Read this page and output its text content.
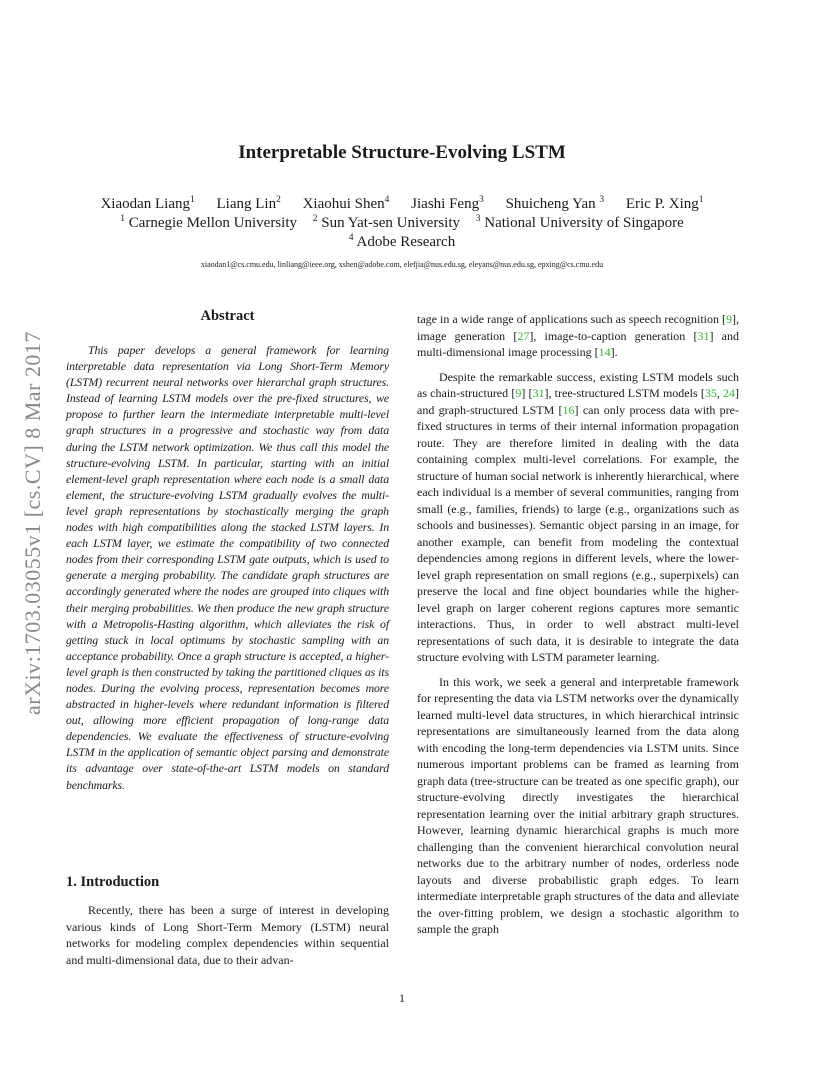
arXiv:1703.03055v1 [cs.CV] 8 Mar 2017
Interpretable Structure-Evolving LSTM
Xiaodan Liang$^1$ Liang Lin$^2$ Xiaohui Shen$^4$ Jiashi Feng$^3$ Shuicheng Yan $^3$ Eric P. Xing$^1$
$^1$ Carnegie Mellon University $^2$ Sun Yat-sen University $^3$ National University of Singapore
$^4$ Adobe Research
xiaodan1@cs.cmu.edu, linliang@ieee.org, xshen@adobe.com, elefjia@nus.edu.sg, eleyans@nus.edu.sg, epxing@cs.cmu.edu
Abstract
This paper develops a general framework for learning interpretable data representation via Long Short-Term Memory (LSTM) recurrent neural networks over hierarchal graph structures. Instead of learning LSTM models over the pre-fixed structures, we propose to further learn the intermediate interpretable multi-level graph structures in a progressive and stochastic way from data during the LSTM network optimization. We thus call this model the structure-evolving LSTM. In particular, starting with an initial element-level graph representation where each node is a small data element, the structure-evolving LSTM gradually evolves the multi-level graph representations by stochastically merging the graph nodes with high compatibilities along the stacked LSTM layers. In each LSTM layer, we estimate the compatibility of two connected nodes from their corresponding LSTM gate outputs, which is used to generate a merging probability. The candidate graph structures are accordingly generated where the nodes are grouped into cliques with their merging probabilities. We then produce the new graph structure with a Metropolis-Hasting algorithm, which alleviates the risk of getting stuck in local optimums by stochastic sampling with an acceptance probability. Once a graph structure is accepted, a higher-level graph is then constructed by taking the partitioned cliques as its nodes. During the evolving process, representation becomes more abstracted in higher-levels where redundant information is filtered out, allowing more efficient propagation of long-range data dependencies. We evaluate the effectiveness of structure-evolving LSTM in the application of semantic object parsing and demonstrate its advantage over state-of-the-art LSTM models on standard benchmarks.
1. Introduction
Recently, there has been a surge of interest in developing various kinds of Long Short-Term Memory (LSTM) neural networks for modeling complex dependencies within sequential and multi-dimensional data, due to their advan-

tage in a wide range of applications such as speech recognition [9], image generation [27], image-to-caption generation [31] and multi-dimensional image processing [14].

Despite the remarkable success, existing LSTM models such as chain-structured [9] [31], tree-structured LSTM models [35, 24] and graph-structured LSTM [16] can only process data with pre-fixed structures in terms of their internal information propagation route. They are therefore limited in dealing with the data containing complex multi-level correlations. For example, the structure of human social network is inherently hierarchical, where each individual is a member of several communities, ranging from small (e.g., families, friends) to large (e.g., organizations such as schools and businesses). Semantic object parsing in an image, for another example, can benefit from modeling the contextual dependencies among regions in different levels, where the lower-level graph representation on small regions (e.g., superpixels) can preserve the local and fine object boundaries while the higher-level graph on larger coherent regions captures more semantic interactions. Thus, in order to well abstract multi-level representations of such data, it is desirable to integrate the data structure evolving with LSTM parameter learning.

In this work, we seek a general and interpretable framework for representing the data via LSTM networks over the dynamically learned multi-level data structures, in which hierarchical intrinsic representations are simultaneously learned from the data along with encoding the long-term dependencies via LSTM units. Since numerous important problems can be framed as learning from graph data (tree-structure can be treated as one specific graph), our structure-evolving directly investigates the hierarchical representation learning over the initial arbitrary graph structures. However, learning dynamic hierarchical graphs is much more challenging than the convenient hierarchical convolution neural networks due to the arbitrary number of nodes, orderless node layouts and diverse probabilistic graph edges. To learn intermediate interpretable graph structures of the data and alleviate the over-fitting problem, we design a stochastic algorithm to sample the graph

1
